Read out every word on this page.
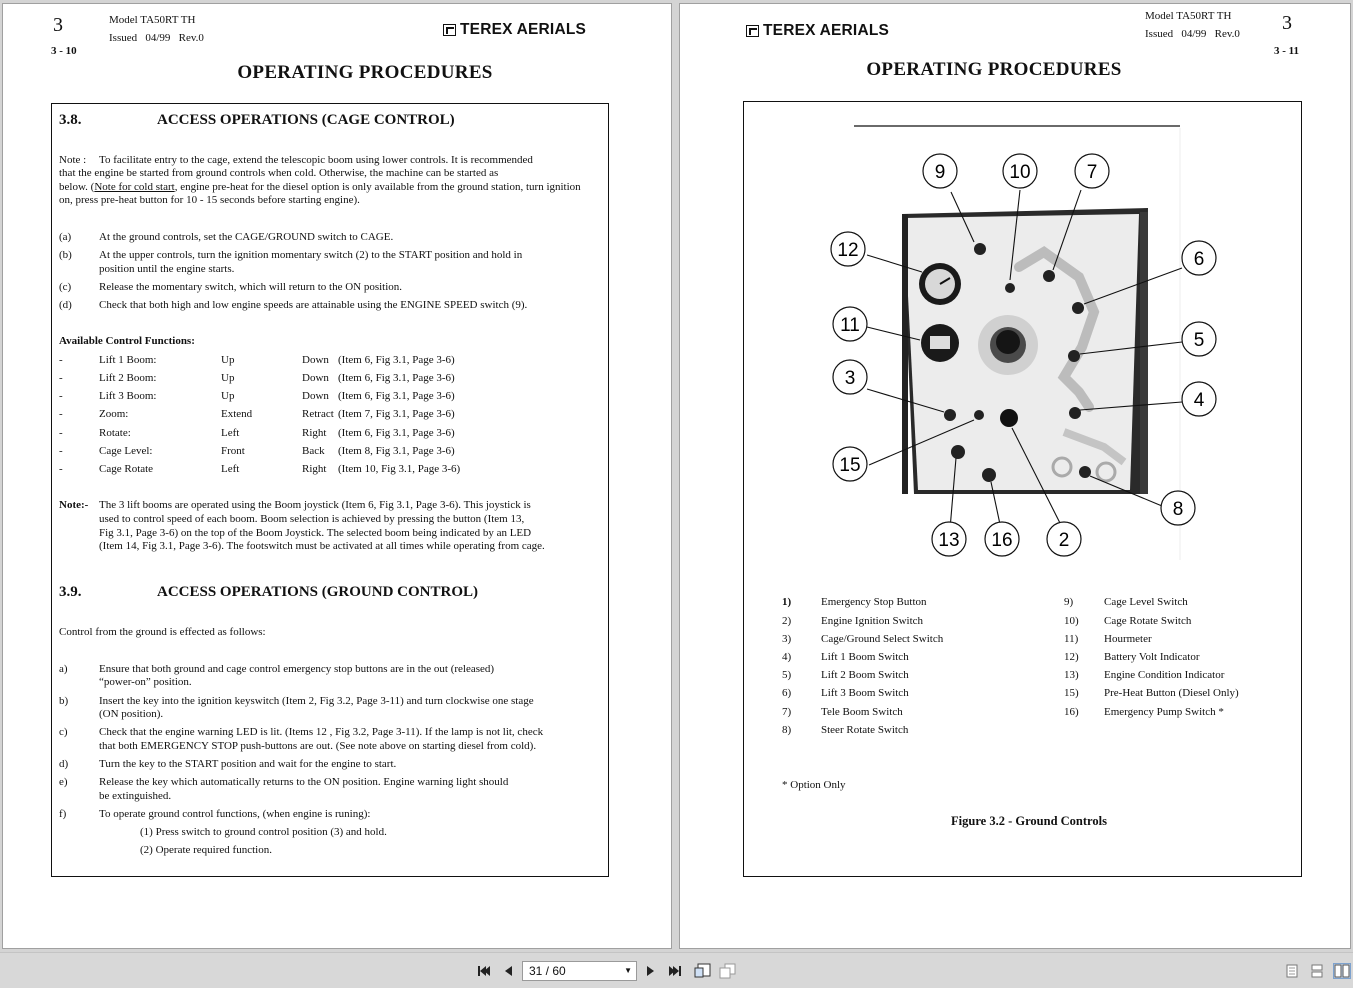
3	Model TA50RT TH
Issued   04/99   Rev.0
3 - 10
TEREX AERIALS
OPERATING PROCEDURES
3.8.	ACCESS OPERATIONS (CAGE CONTROL)
Note : To facilitate entry to the cage, extend the telescopic boom using lower controls. It is recommended
that the engine be started from ground controls when cold. Otherwise, the machine can be started as
below. (Note for cold start, engine pre-heat for the diesel option is only available from the ground station, turn ignition
on, press pre-heat button for 10 - 15 seconds before starting engine).
(a)	At the ground controls, set the CAGE/GROUND switch to CAGE.
(b) At the upper controls, turn the ignition momentary switch (2) to the START position and hold in
position until the engine starts.
(c)	Release the momentary switch, which will return to the ON position.
(d) Check that both high and low engine speeds are attainable using the ENGINE SPEED switch (9).
Available Control Functions:
-	Lift 1 Boom:	Up	Down (Item 6, Fig 3.1, Page 3-6)
-	Lift 2 Boom:	Up	Down (Item 6, Fig 3.1, Page 3-6)
-	Lift 3 Boom:	Up	Down (Item 6, Fig 3.1, Page 3-6)
-	Zoom:	Extend	Retract (Item 7, Fig 3.1, Page 3-6)
-	Rotate:	Left	Right (Item 6, Fig 3.1, Page 3-6)
-	Cage Level:	Front	Back (Item 8, Fig 3.1, Page 3-6)
-	Cage Rotate	Left	Right (Item 10, Fig 3.1, Page 3-6)
Note:- The 3 lift booms are operated using the Boom joystick (Item 6, Fig 3.1, Page 3-6). This joystick is
used to control speed of each boom. Boom selection is achieved by pressing the button (Item 13,
Fig 3.1, Page 3-6) on the top of the Boom Joystick. The selected boom being indicated by an LED
(Item 14, Fig 3.1, Page 3-6). The footswitch must be activated at all times while operating from cage.
3.9.	ACCESS OPERATIONS (GROUND CONTROL)
Control from the ground is effected as follows:
a)	Ensure that both ground and cage control emergency stop buttons are in the out (released)
“power-on” position.
b)	Insert the key into the ignition keyswitch (Item 2, Fig 3.2, Page 3-11) and turn clockwise one stage
(ON position).
c)	Check that the engine warning LED is lit. (Items 12 , Fig 3.2, Page 3-11). If the lamp is not lit, check
that both EMERGENCY STOP push-buttons are out. (See note above on starting diesel from cold).
d)	Turn the key to the START position and wait for the engine to start.
e)	Release the key which automatically returns to the ON position. Engine warning light should
be extinguished.
f)	To operate ground control functions, (when engine is runing):
(1) Press switch to ground control position (3) and hold.
(2) Operate required function.
TEREX AERIALS
Model TA50RT TH
Issued   04/99   Rev.0 3
3 - 11
OPERATING PROCEDURES
9	10	7
12	6
11
5
3
4
15
8
13 16 2
1)	Emergency Stop Button
2)	Engine Ignition Switch
3)	Cage/Ground Select Switch
4)	Lift 1 Boom Switch
5)	Lift 2 Boom Switch
6)	Lift 3 Boom Switch
7)	Tele Boom Switch
8)	Steer Rotate Switch
9)	Cage Level Switch
10) Cage Rotate Switch
11) Hourmeter
12) Battery Volt Indicator
13) Engine Condition Indicator
15) Pre-Heat Button (Diesel Only)
16) Emergency Pump Switch *
* Option Only
Figure 3.2 - Ground Controls
31 / 60	▼
